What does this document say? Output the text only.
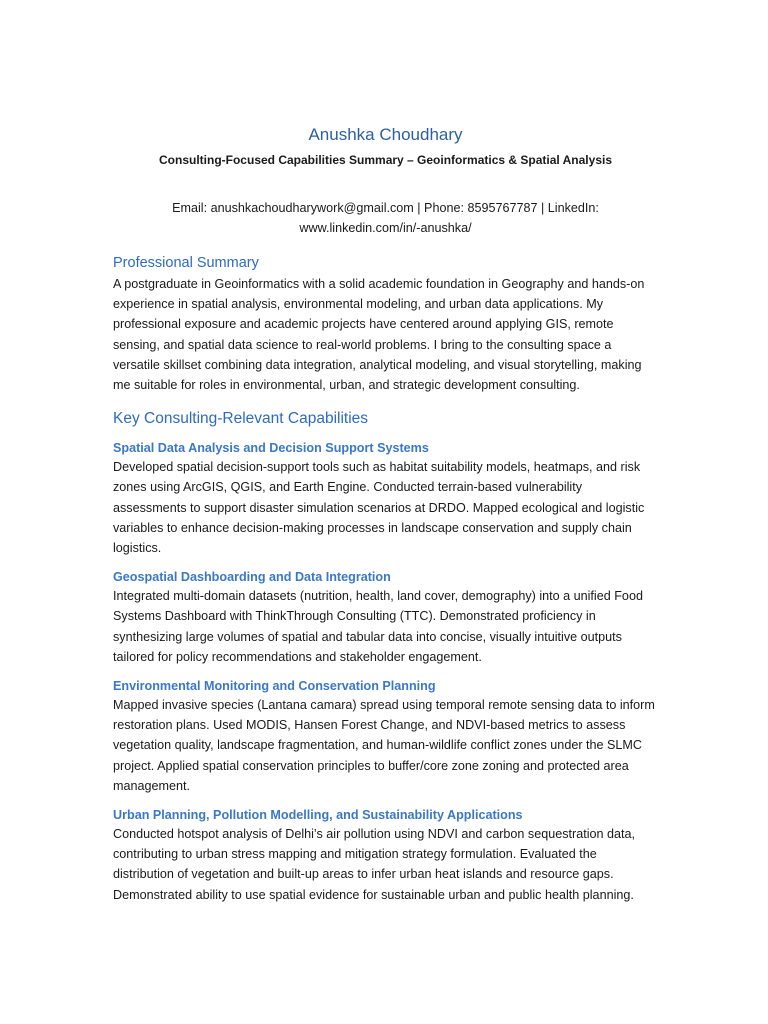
Anushka Choudhary

Consulting-Focused Capabilities Summary – Geoinformatics & Spatial Analysis

Email: anushkachoudharywork@gmail.com | Phone: 8595767787 | LinkedIn:
www.linkedin.com/in/-anushka/

Professional Summary

A postgraduate in Geoinformatics with a solid academic foundation in Geography and hands-on experience in spatial analysis, environmental modeling, and urban data applications. My professional exposure and academic projects have centered around applying GIS, remote sensing, and spatial data science to real-world problems. I bring to the consulting space a versatile skillset combining data integration, analytical modeling, and visual storytelling, making me suitable for roles in environmental, urban, and strategic development consulting.

Key Consulting-Relevant Capabilities
Spatial Data Analysis and Decision Support Systems

Developed spatial decision-support tools such as habitat suitability models, heatmaps, and risk zones using ArcGIS, QGIS, and Earth Engine. Conducted terrain-based vulnerability assessments to support disaster simulation scenarios at DRDO. Mapped ecological and logistic variables to enhance decision-making processes in landscape conservation and supply chain logistics.

Geospatial Dashboarding and Data Integration

Integrated multi-domain datasets (nutrition, health, land cover, demography) into a unified Food Systems Dashboard with ThinkThrough Consulting (TTC). Demonstrated proficiency in synthesizing large volumes of spatial and tabular data into concise, visually intuitive outputs tailored for policy recommendations and stakeholder engagement.

Environmental Monitoring and Conservation Planning

Mapped invasive species (Lantana camara) spread using temporal remote sensing data to inform restoration plans. Used MODIS, Hansen Forest Change, and NDVI-based metrics to assess vegetation quality, landscape fragmentation, and human-wildlife conflict zones under the SLMC project. Applied spatial conservation principles to buffer/core zone zoning and protected area management.

Urban Planning, Pollution Modelling, and Sustainability Applications

Conducted hotspot analysis of Delhi’s air pollution using NDVI and carbon sequestration data, contributing to urban stress mapping and mitigation strategy formulation. Evaluated the distribution of vegetation and built-up areas to infer urban heat islands and resource gaps. Demonstrated ability to use spatial evidence for sustainable urban and public health planning.
